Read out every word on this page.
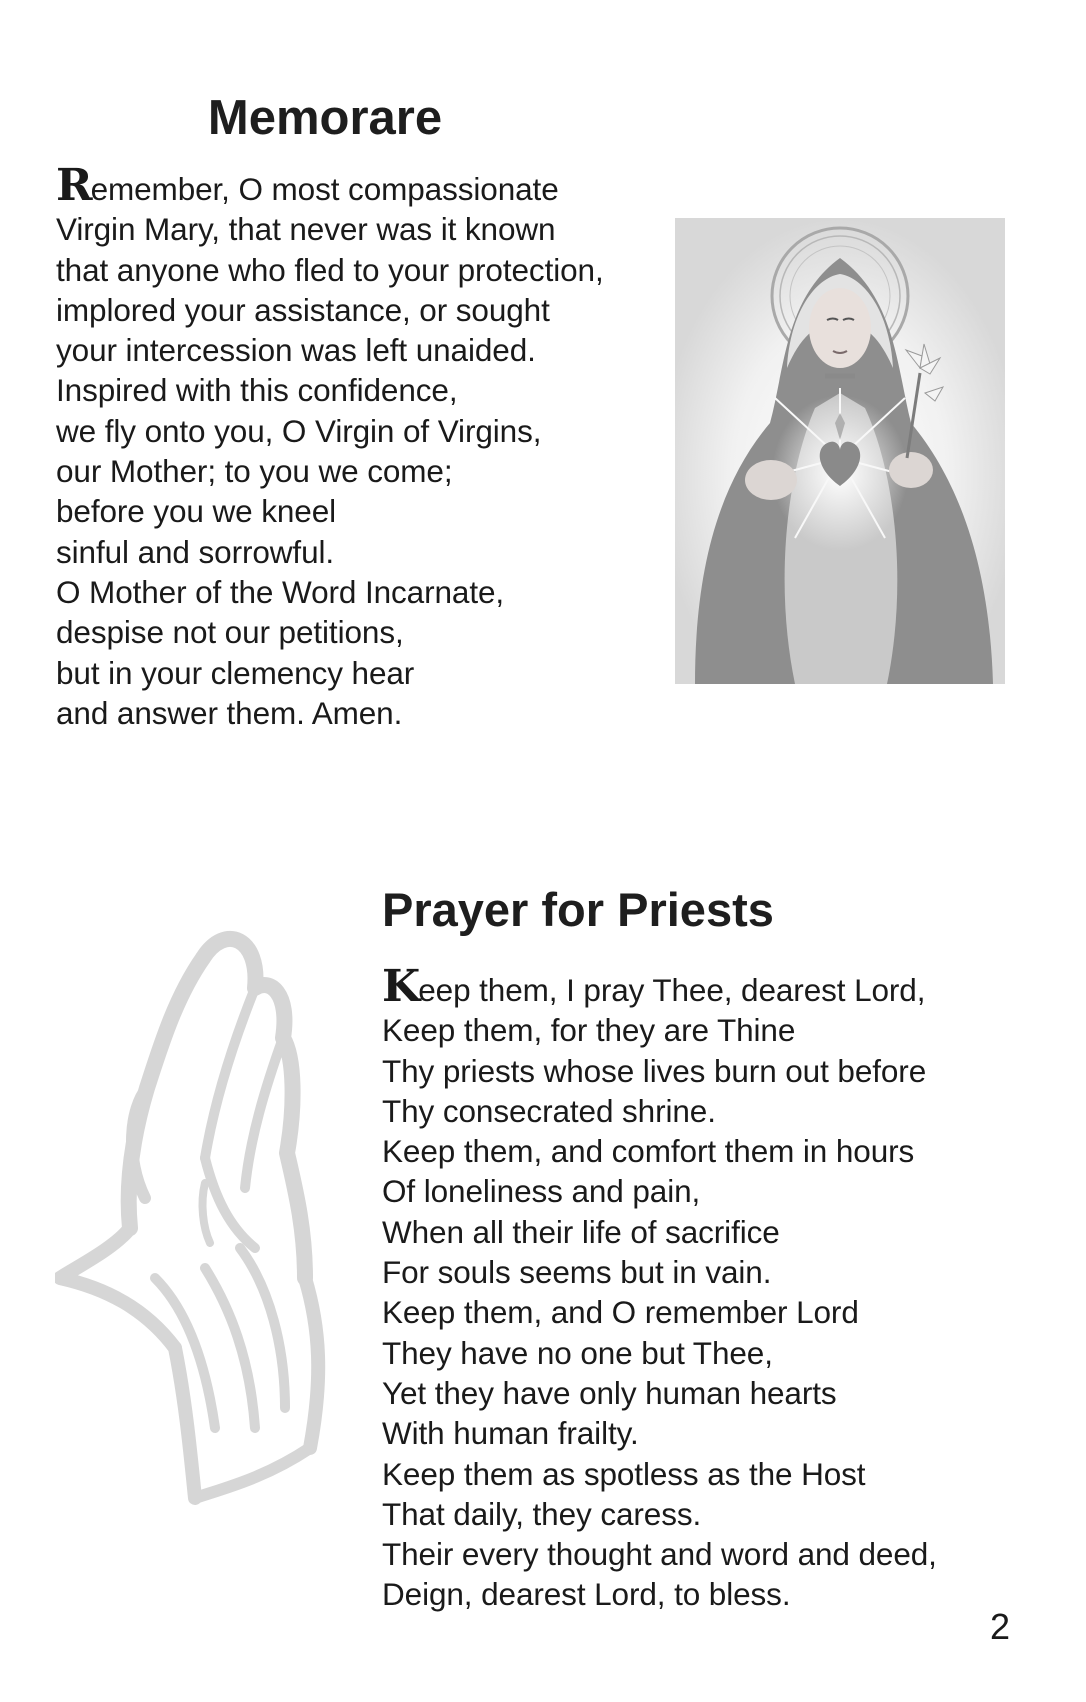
Memorare
Remember, O most compassionate
Virgin Mary, that never was it known
that anyone who fled to your protection,
implored your assistance, or sought
your intercession was left unaided.
Inspired with this confidence,
we fly onto you, O Virgin of Virgins,
our Mother; to you we come;
before you we kneel
sinful and sorrowful.
O Mother of the Word Incarnate,
despise not our petitions,
but in your clemency hear
and answer them. Amen.
Prayer for Priests
Keep them, I pray Thee, dearest Lord,
Keep them, for they are Thine
Thy priests whose lives burn out before
Thy consecrated shrine.
Keep them, and comfort them in hours
Of loneliness and pain,
When all their life of sacrifice
For souls seems but in vain.
Keep them, and O remember Lord
They have no one but Thee,
Yet they have only human hearts
With human frailty.
Keep them as spotless as the Host
That daily, they caress.
Their every thought and word and deed,
Deign, dearest Lord, to bless.
2
